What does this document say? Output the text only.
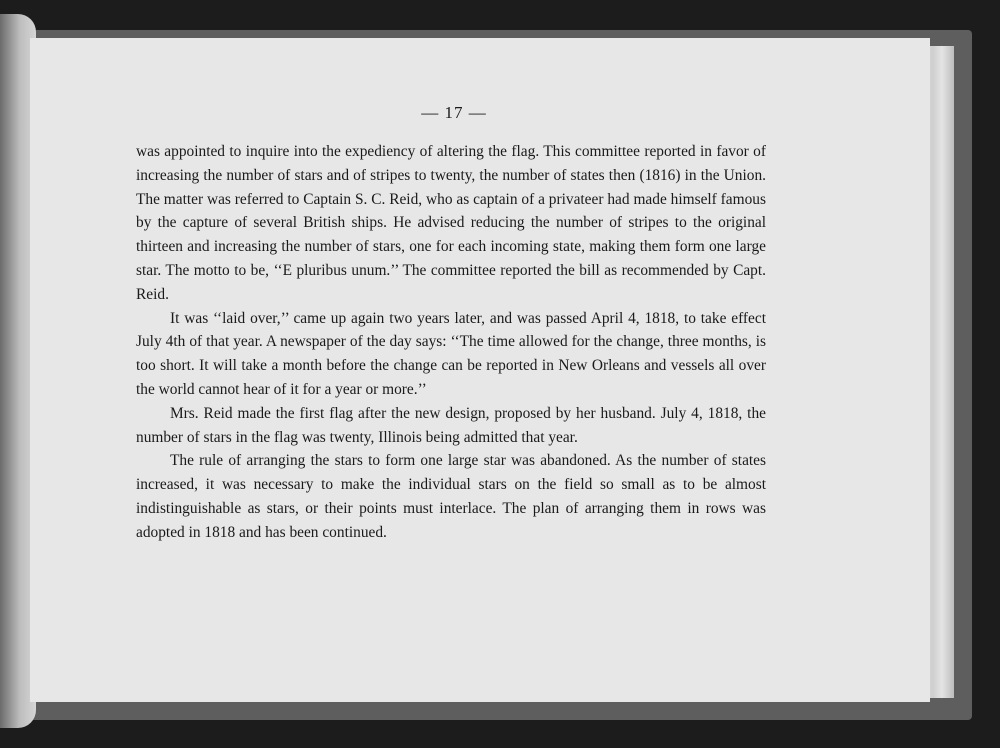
— 17 —

was appointed to inquire into the expediency of altering the flag. This committee reported in favor of increasing the number of stars and of stripes to twenty, the number of states then (1816) in the Union. The matter was referred to Captain S. C. Reid, who as captain of a privateer had made himself famous by the capture of several British ships. He advised reducing the number of stripes to the original thirteen and increasing the number of stars, one for each incoming state, making them form one large star. The motto to be, ‘‘E pluribus unum.’’ The committee reported the bill as recommended by Capt. Reid.

It was ‘‘laid over,’’ came up again two years later, and was passed April 4, 1818, to take effect July 4th of that year. A newspaper of the day says: ‘‘The time allowed for the change, three months, is too short. It will take a month before the change can be reported in New Orleans and vessels all over the world cannot hear of it for a year or more.’’

Mrs. Reid made the first flag after the new design, proposed by her husband. July 4, 1818, the number of stars in the flag was twenty, Illinois being admitted that year.

The rule of arranging the stars to form one large star was abandoned. As the number of states increased, it was necessary to make the individual stars on the field so small as to be almost indistinguishable as stars, or their points must interlace. The plan of arranging them in rows was adopted in 1818 and has been continued.
